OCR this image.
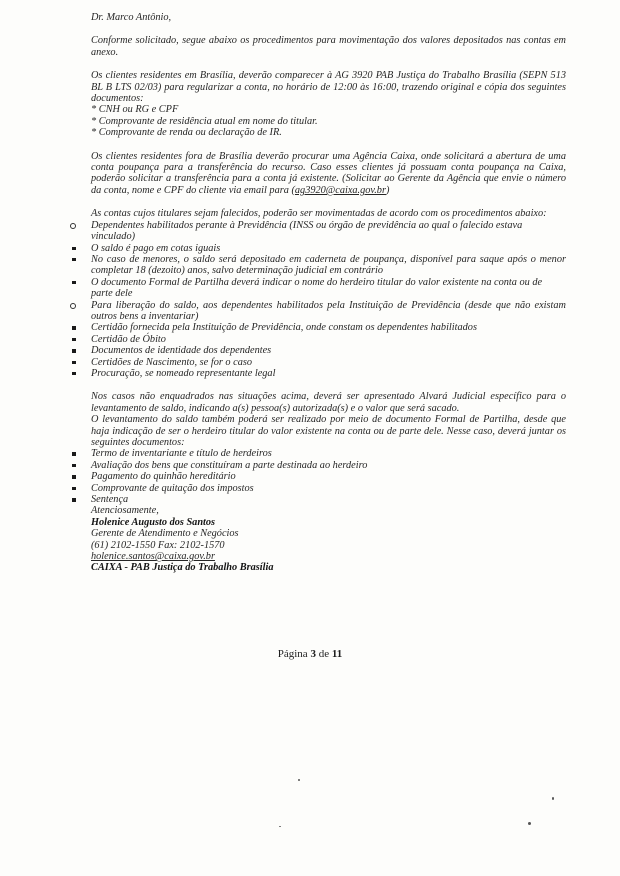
Dr. Marco Antônio,

Conforme solicitado, segue abaixo os procedimentos para movimentação dos valores depositados nas contas em anexo.

Os clientes residentes em Brasília, deverão comparecer à AG 3920 PAB Justiça do Trabalho Brasília (SEPN 513 BL B LTS 02/03) para regularizar a conta, no horário de 12:00 às 16:00, trazendo original e cópia dos seguintes documentos:

* CNH ou RG e CPF

* Comprovante de residência atual em nome do titular.

* Comprovante de renda ou declaração de IR.

Os clientes residentes fora de Brasília deverão procurar uma Agência Caixa, onde solicitará a abertura de uma conta poupança para a transferência do recurso. Caso esses clientes já possuam conta poupança na Caixa, poderão solicitar a transferência para a conta já existente. (Solicitar ao Gerente da Agência que envie o número da conta, nome e CPF do cliente via email para (ag3920@caixa.gov.br)

As contas cujos titulares sejam falecidos, poderão ser movimentadas de acordo com os procedimentos abaixo:

Dependentes habilitados perante à Previdência (INSS ou órgão de previdência ao qual o falecido estava vinculado)
O saldo é pago em cotas iguais
No caso de menores, o saldo será depositado em caderneta de poupança, disponível para saque após o menor completar 18 (dezoito) anos, salvo determinação judicial em contrário
O documento Formal de Partilha deverá indicar o nome do herdeiro titular do valor existente na conta ou de parte dele
Para liberação do saldo, aos dependentes habilitados pela Instituição de Previdência (desde que não existam outros bens a inventariar)
Certidão fornecida pela Instituição de Previdência, onde constam os dependentes habilitados
Certidão de Óbito
Documentos de identidade dos dependentes
Certidões de Nascimento, se for o caso
Procuração, se nomeado representante legal

Nos casos não enquadrados nas situações acima, deverá ser apresentado Alvará Judicial específico para o levantamento de saldo, indicando a(s) pessoa(s) autorizada(s) e o valor que será sacado.

O levantamento do saldo também poderá ser realizado por meio de documento Formal de Partilha, desde que haja indicação de ser o herdeiro titular do valor existente na conta ou de parte dele. Nesse caso, deverá juntar os seguintes documentos:

Termo de inventariante e título de herdeiros
Avaliação dos bens que constituíram a parte destinada ao herdeiro
Pagamento do quinhão hereditário
Comprovante de quitação dos impostos
Sentença

Atenciosamente,

Holenice Augusto dos Santos

Gerente de Atendimento e Negócios

(61) 2102-1550 Fax: 2102-1570

holenice.santos@caixa.gov.br

CAIXA - PAB Justiça do Trabalho Brasília

Página 3 de 11
